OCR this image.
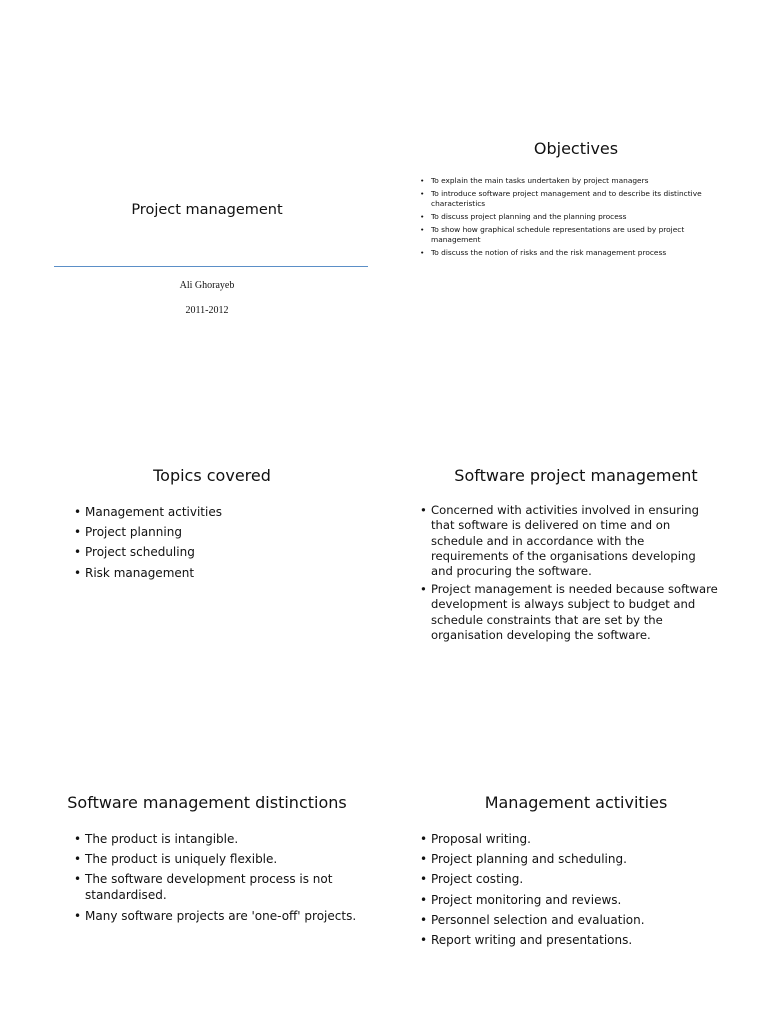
Project management
Ali Ghorayeb
2011-2012
Objectives
• To explain the main tasks undertaken by project managers
• To introduce software project management and to describe its distinctive characteristics
• To discuss project planning and the planning process
• To show how graphical schedule representations are used by project management
• To discuss the notion of risks and the risk management process
Topics covered
• Management activities
• Project planning
• Project scheduling
• Risk management
Software project management
• Concerned with activities involved in ensuring that software is delivered on time and on schedule and in accordance with the requirements of the organisations developing and procuring the software.
• Project management is needed because software development is always subject to budget and schedule constraints that are set by the organisation developing the software.
Software management distinctions
• The product is intangible.
• The product is uniquely flexible.
• The software development process is not standardised.
• Many software projects are 'one-off' projects.
Management activities
• Proposal writing.
• Project planning and scheduling.
• Project costing.
• Project monitoring and reviews.
• Personnel selection and evaluation.
• Report writing and presentations.
